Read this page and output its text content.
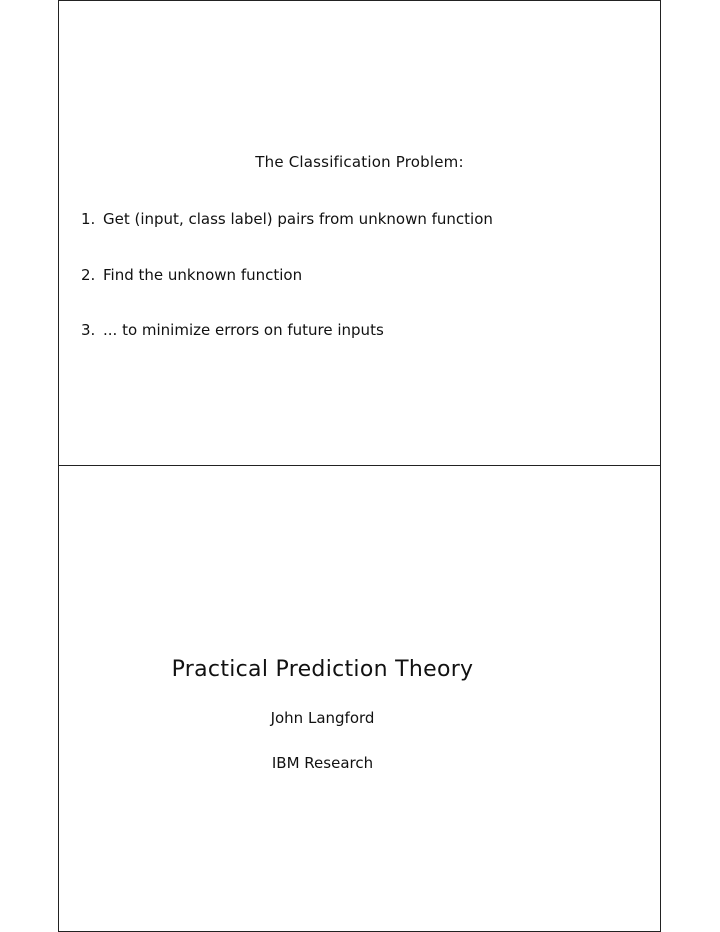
The Classification Problem:
1. Get (input, class label) pairs from unknown function
2. Find the unknown function
3. ... to minimize errors on future inputs
Practical Prediction Theory
John Langford
IBM Research
